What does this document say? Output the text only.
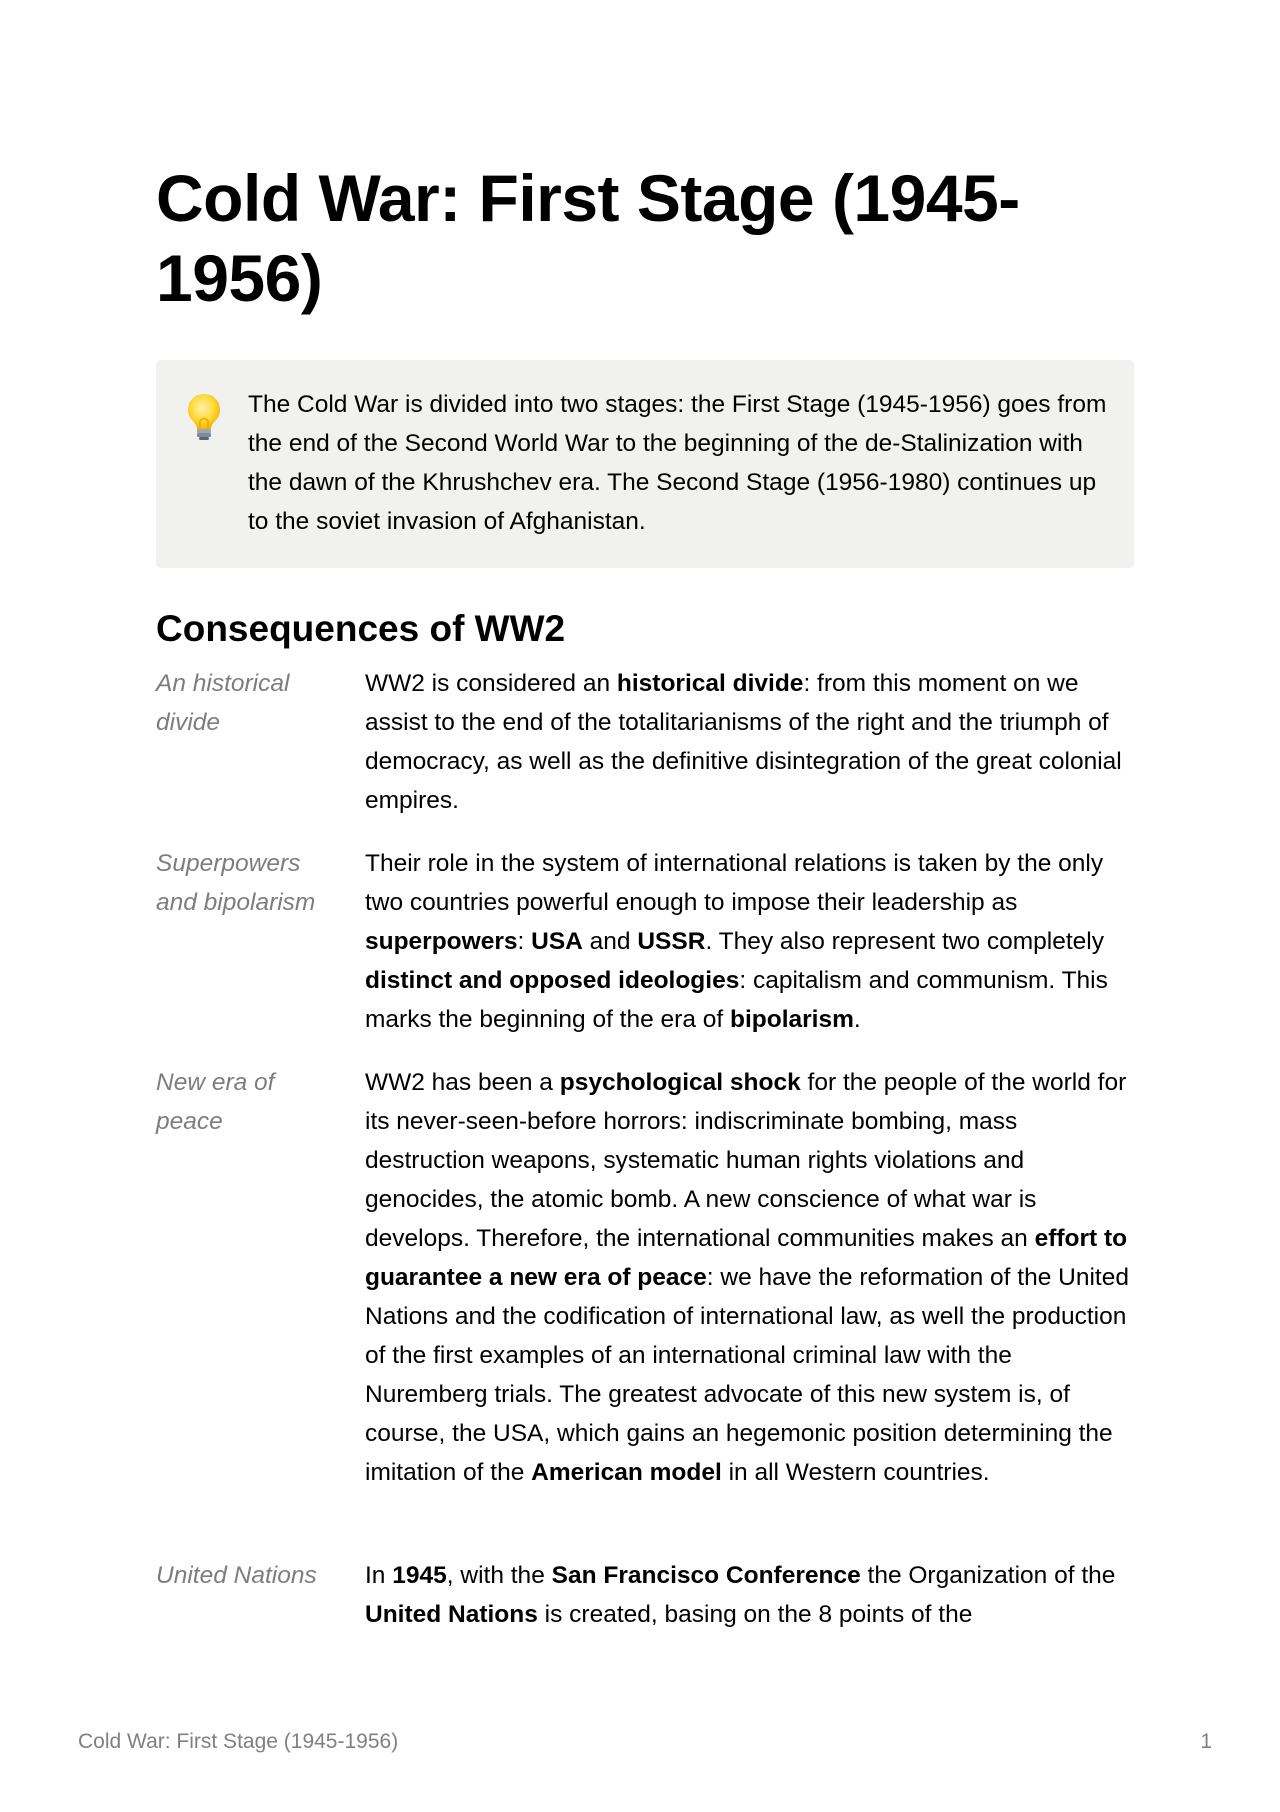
Cold War: First Stage (1945-1956)

The Cold War is divided into two stages: the First Stage (1945-1956) goes from the end of the Second World War to the beginning of the de-Stalinization with the dawn of the Khrushchev era. The Second Stage (1956-1980) continues up to the soviet invasion of Afghanistan.

Consequences of WW2

An historical divide

WW2 is considered an historical divide: from this moment on we assist to the end of the totalitarianisms of the right and the triumph of democracy, as well as the definitive disintegration of the great colonial empires.

Superpowers and bipolarism

Their role in the system of international relations is taken by the only two countries powerful enough to impose their leadership as superpowers: USA and USSR. They also represent two completely distinct and opposed ideologies: capitalism and communism. This marks the beginning of the era of bipolarism.

New era of peace

WW2 has been a psychological shock for the people of the world for its never-seen-before horrors: indiscriminate bombing, mass destruction weapons, systematic human rights violations and genocides, the atomic bomb. A new conscience of what war is develops. Therefore, the international communities makes an effort to guarantee a new era of peace: we have the reformation of the United Nations and the codification of international law, as well the production of the first examples of an international criminal law with the Nuremberg trials. The greatest advocate of this new system is, of course, the USA, which gains an hegemonic position determining the imitation of the American model in all Western countries.

United Nations	In 1945, with the San Francisco Conference the Organization of the United Nations is created, basing on the 8 points of the

Cold War: First Stage (1945-1956)	1
